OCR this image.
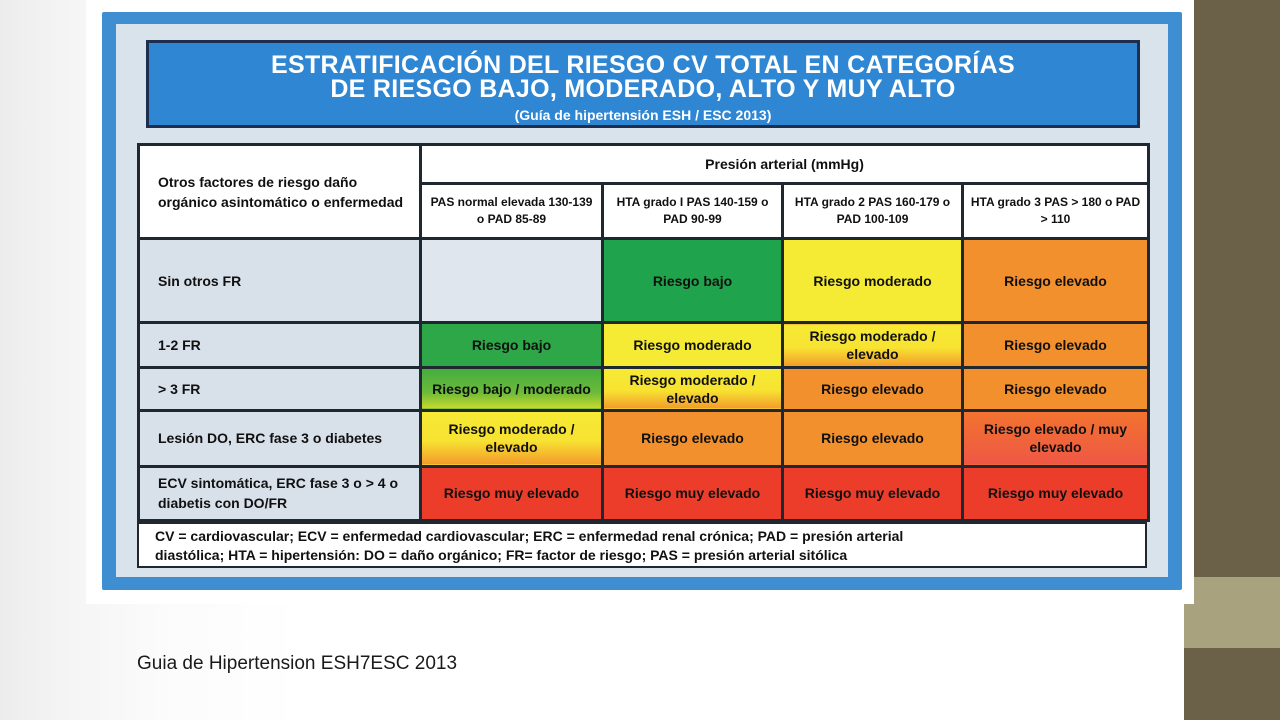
ESTRATIFICACIÓN DEL RIESGO CV TOTAL EN CATEGORÍAS
DE RIESGO BAJO, MODERADO, ALTO Y MUY ALTO
(Guía de hipertensión ESH / ESC 2013)
Otros factores de riesgo daño orgánico asintomático o enfermedad	Presión arterial (mmHg)			
	PAS normal elevada 130-139 o PAD 85-89	HTA grado I PAS 140-159 o PAD 90-99	HTA grado 2 PAS 160-179 o PAD 100-109	HTA grado 3 PAS > 180 o PAD > 110
Sin otros FR		Riesgo bajo	Riesgo moderado	Riesgo elevado
1-2 FR	Riesgo bajo	Riesgo moderado	Riesgo moderado / elevado	Riesgo elevado
> 3 FR	Riesgo bajo / moderado	Riesgo moderado / elevado	Riesgo elevado	Riesgo elevado
Lesión DO, ERC fase 3 o diabetes	Riesgo moderado / elevado	Riesgo elevado	Riesgo elevado	Riesgo elevado / muy elevado
ECV sintomática, ERC fase 3 o > 4 o diabetis con DO/FR	Riesgo muy elevado	Riesgo muy elevado	Riesgo muy elevado	Riesgo muy elevado
CV = cardiovascular; ECV = enfermedad cardiovascular; ERC = enfermedad renal crónica; PAD = presión arterial
diastólica; HTA = hipertensión: DO = daño orgánico; FR= factor de riesgo; PAS = presión arterial sitólica
Guia de Hipertension ESH7ESC 2013
